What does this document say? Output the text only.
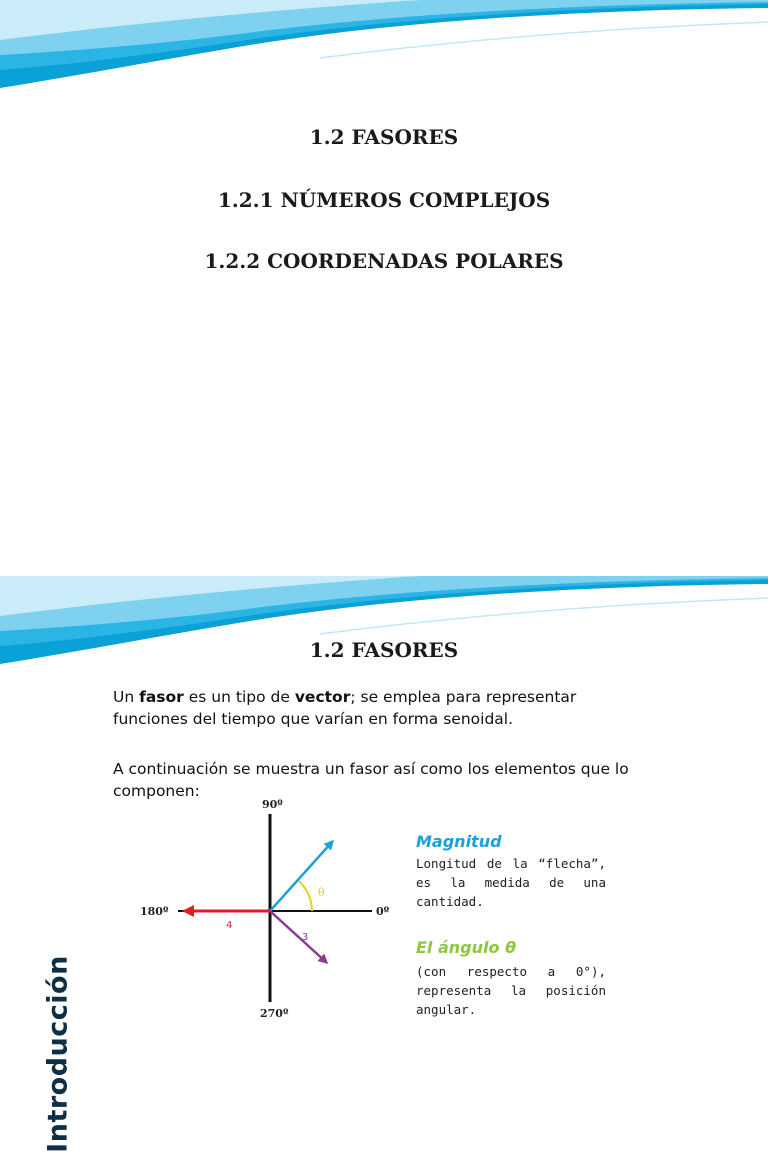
1.2 FASORES
1.2.1 NÚMEROS COMPLEJOS
1.2.2 COORDENADAS POLARES
1.2 FASORES
Introducción
Un fasor es un tipo de vector; se emplea para representar funciones del tiempo que varían en forma senoidal.
A continuación se muestra un fasor así como los elementos que lo componen:
90º
0º
180º
270º
θ
4
3
Magnitud
Longitud de la “flecha”, es la medida de una cantidad.
El ángulo θ
(con respecto a 0°), representa la posición angular.
